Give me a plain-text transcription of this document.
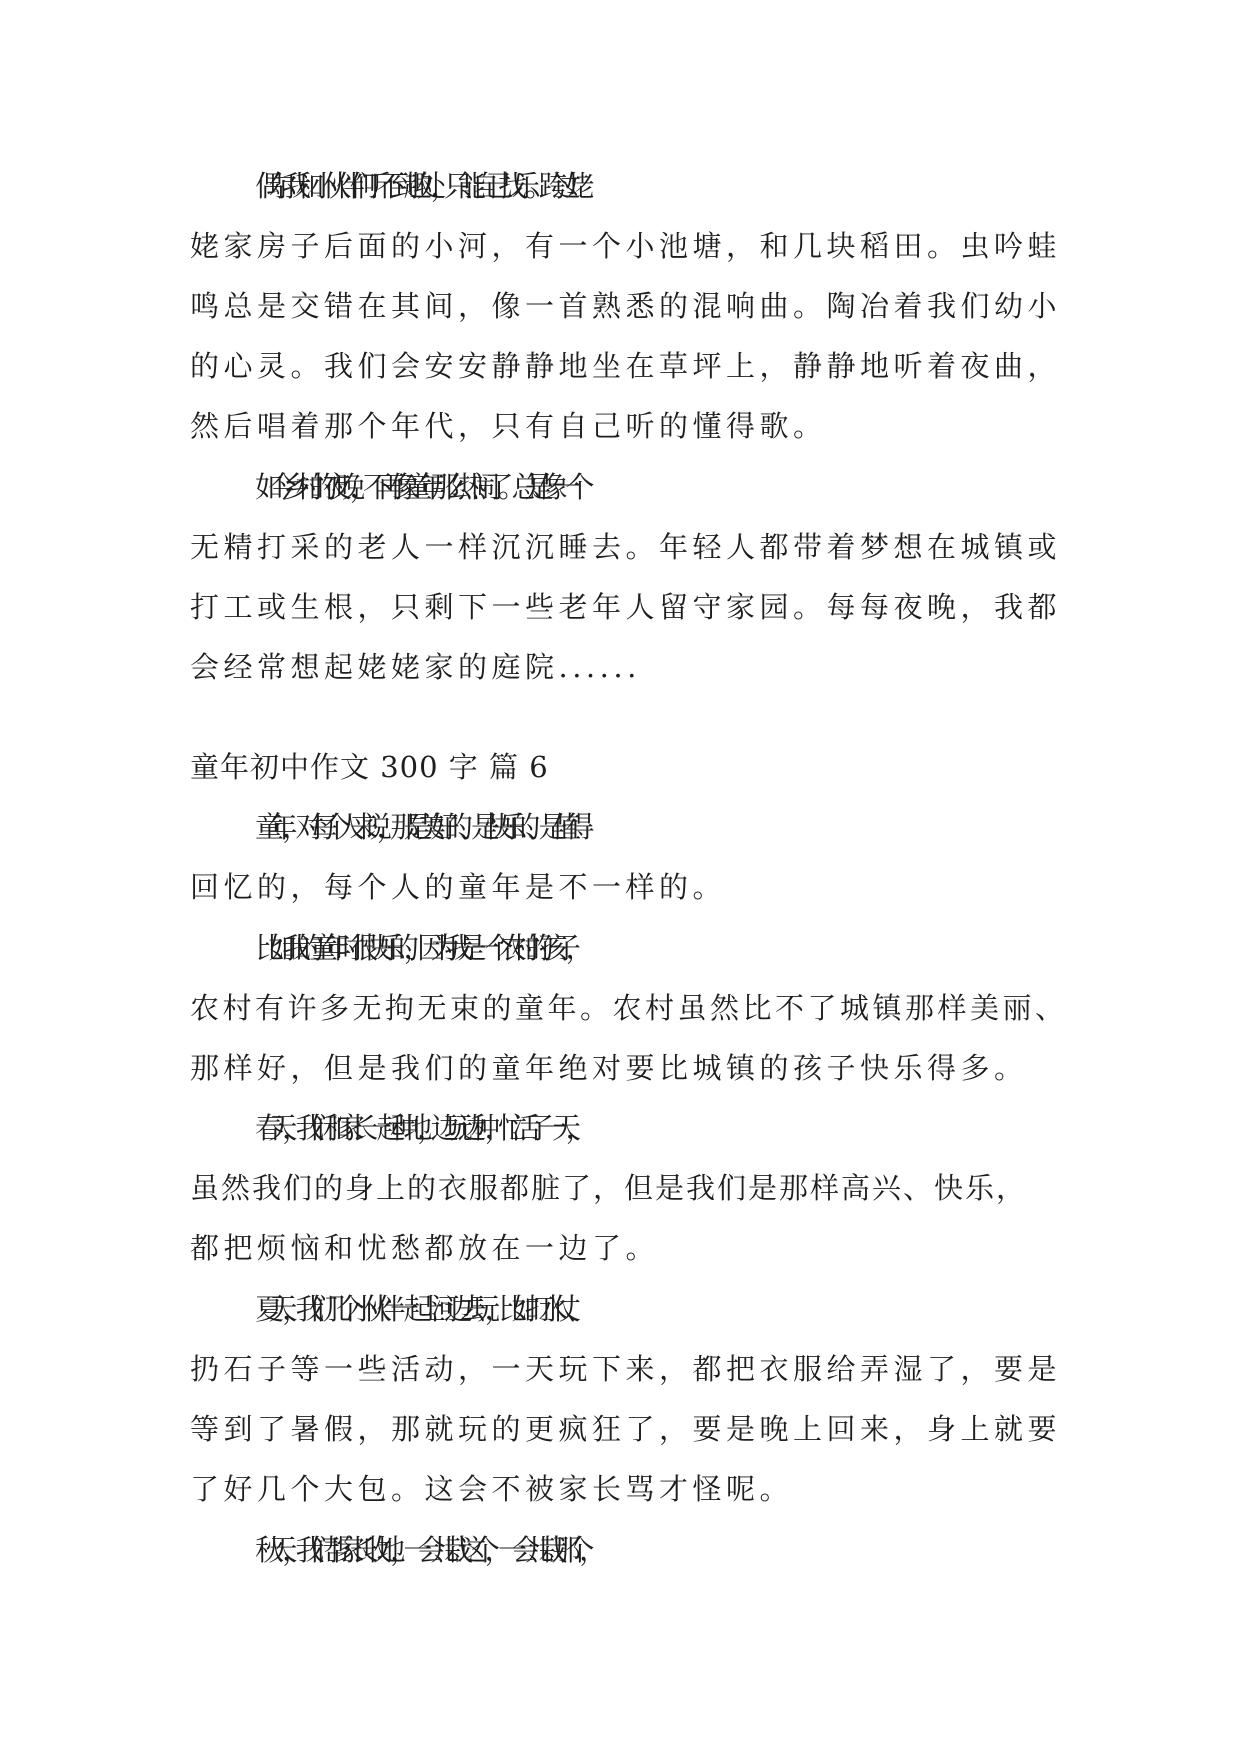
偶尔我和小伙伴们听不到趣处，只能自己找乐。跨过姥
姥家房子后面的小河，有一个小池塘，和几块稻田。虫吟蛙
鸣总是交错在其间，像一首熟悉的混响曲。陶冶着我们幼小
的心灵。我们会安安静静地坐在草坪上，静静地听着夜曲，
然后唱着那个年代，只有自己听的懂得歌。
如今乡村的夜晚，不再像童年那么热闹了。总是像一个
无精打采的老人一样沉沉睡去。年轻人都带着梦想在城镇或
打工或生根，只剩下一些老年人留守家园。每每夜晚，我都
会经常想起姥姥家的庭院......
童年初中作文 300 字 篇 6
童年，对每个人来说，那是美好的、是快乐的、是值得
回忆的，每个人的童年是不一样的。
比如我的童年时很快乐的，因为我是一个农村的孩子，
农村有许多无拘无束的童年。农村虽然比不了城镇那样美丽、
那样好，但是我们的童年绝对要比城镇的孩子快乐得多。
春天，我们和家长一起种地，边玩边种，忙活了一天，
虽然我们的身上的衣服都脏了，但是我们是那样高兴、快乐，
都把烦恼和忧愁都放在一边了。
夏天，我们几个小伙伴一起上河边去玩，比如打水仗、
扔石子等一些活动，一天玩下来，都把衣服给弄湿了，要是
等到了暑假，那就玩的更疯狂了，要是晚上回来，身上就要
了好几个大包。这会不被家长骂才怪呢。
秋天，我们帮家长收地，一会儿栽这个，一会儿栽那个，
